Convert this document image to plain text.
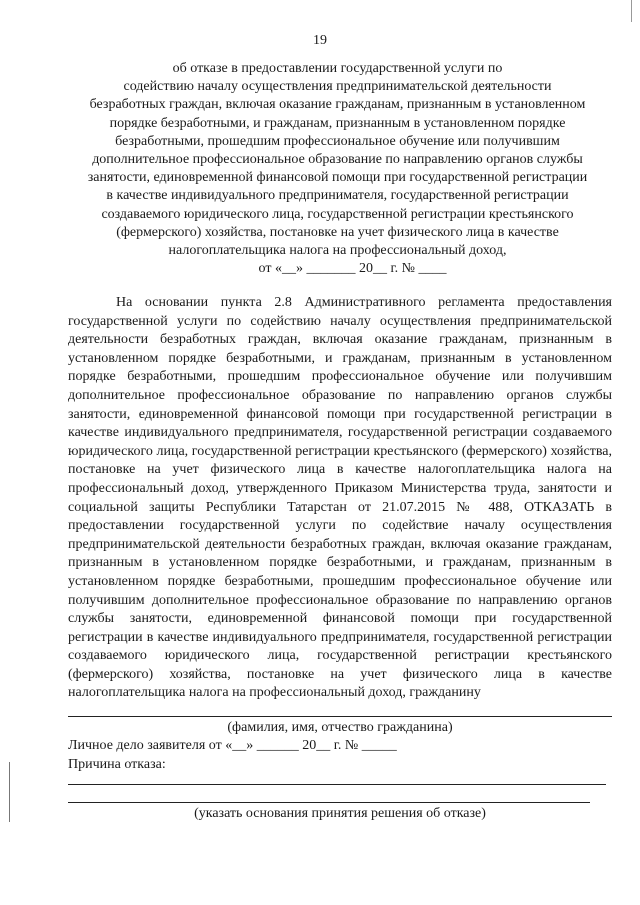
19
об отказе в предоставлении государственной услуги по
содействию началу осуществления предпринимательской деятельности
безработных граждан, включая оказание гражданам, признанным в установленном
порядке безработными, и гражданам, признанным в установленном порядке
безработными, прошедшим профессиональное обучение или получившим
дополнительное профессиональное образование по направлению органов службы
занятости, единовременной финансовой помощи при государственной регистрации
в качестве индивидуального предпринимателя, государственной регистрации
создаваемого юридического лица, государственной регистрации крестьянского
(фермерского) хозяйства, постановке на учет физического лица в качестве
налогоплательщика налога на профессиональный доход,
от «__» _______ 20__ г. № ____
На основании пункта 2.8 Административного регламента предоставления государственной услуги по содействию началу осуществления предпринимательской деятельности безработных граждан, включая оказание гражданам, признанным в установленном порядке безработными, и гражданам, признанным в установленном порядке безработными, прошедшим профессиональное обучение или получившим дополнительное профессиональное образование по направлению органов службы занятости, единовременной финансовой помощи при государственной регистрации в качестве индивидуального предпринимателя, государственной регистрации создаваемого юридического лица, государственной регистрации крестьянского (фермерского) хозяйства, постановке на учет физического лица в качестве налогоплательщика налога на профессиональный доход, утвержденного Приказом Министерства труда, занятости и социальной защиты Республики Татарстан от 21.07.2015 № 488, ОТКАЗАТЬ в предоставлении государственной услуги по содействие началу осуществления предпринимательской деятельности безработных граждан, включая оказание гражданам, признанным в установленном порядке безработными, и гражданам, признанным в установленном порядке безработными, прошедшим профессиональное обучение или получившим дополнительное профессиональное образование по направлению органов службы занятости, единовременной финансовой помощи при государственной регистрации в качестве индивидуального предпринимателя, государственной регистрации создаваемого юридического лица, государственной регистрации крестьянского (фермерского) хозяйства, постановке на учет физического лица в качестве налогоплательщика налога на профессиональный доход, гражданину
(фамилия, имя, отчество гражданина)
Личное дело заявителя от «__» ______ 20__ г. № _____
Причина отказа:
(указать основания принятия решения об отказе)
